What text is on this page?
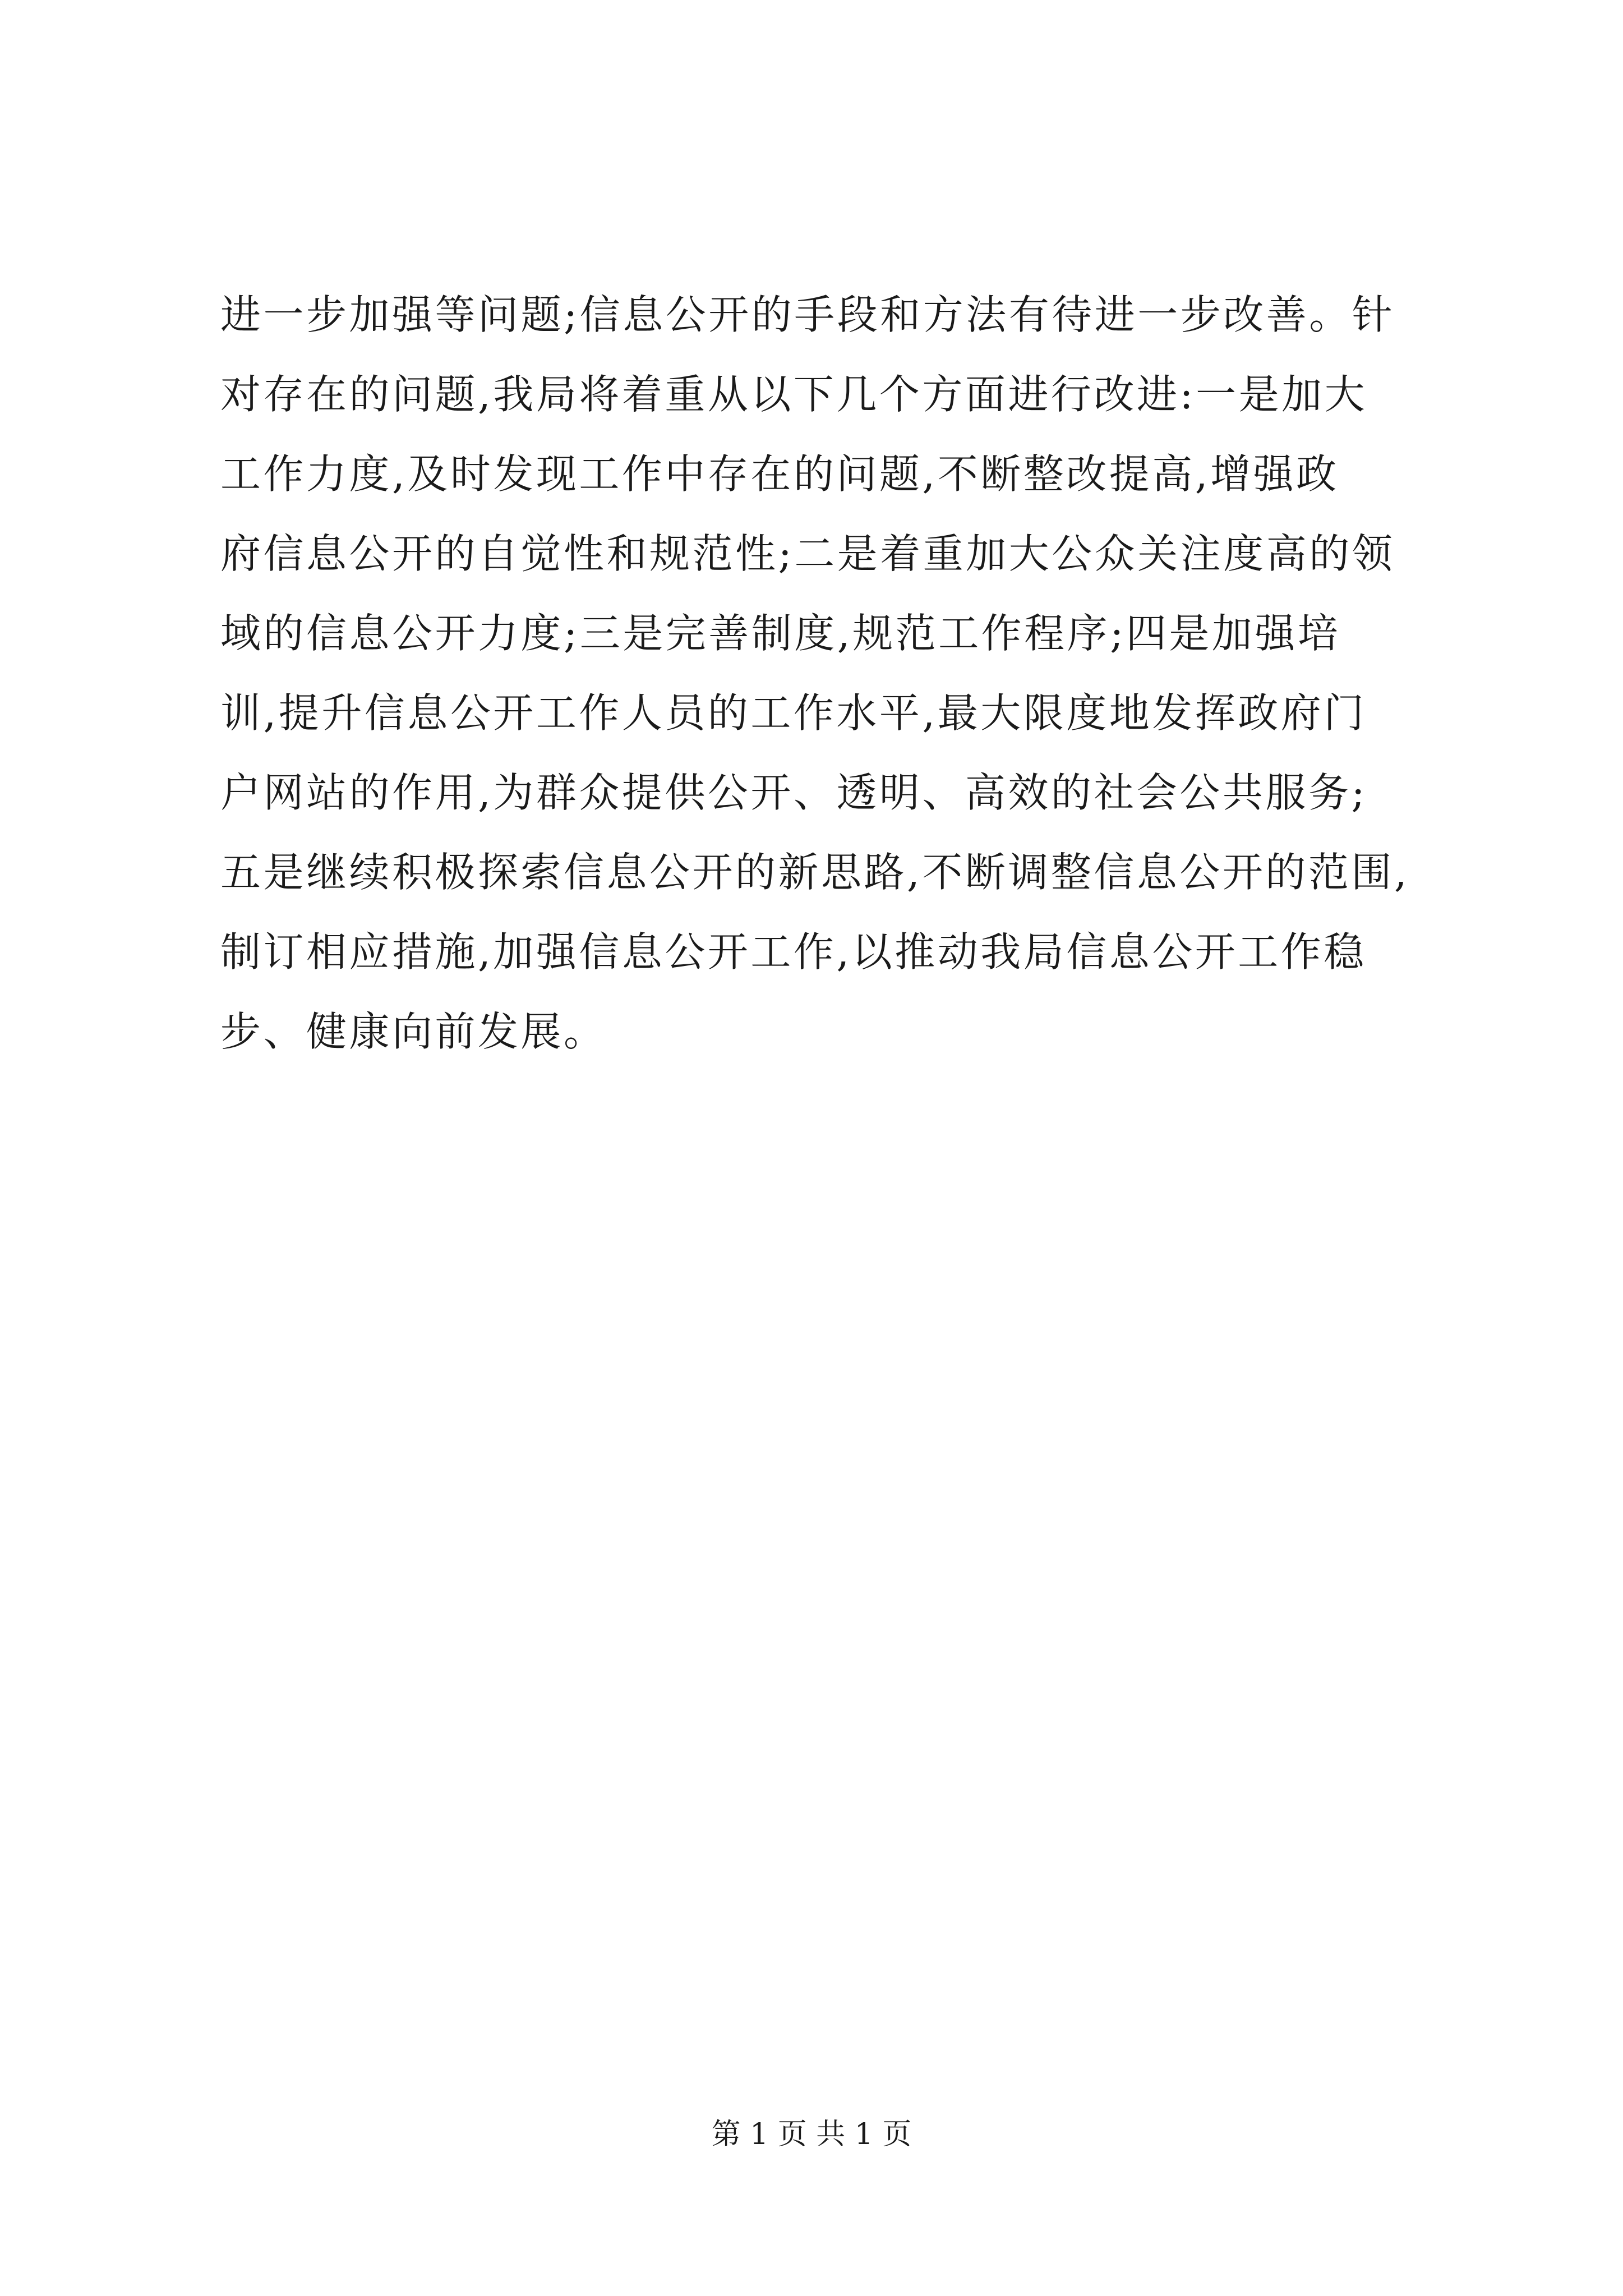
进一步加强等问题;信息公开的手段和方法有待进一步改善。针
对存在的问题,我局将着重从以下几个方面进行改进:一是加大
工作力度,及时发现工作中存在的问题,不断整改提高,增强政
府信息公开的自觉性和规范性;二是着重加大公众关注度高的领
域的信息公开力度;三是完善制度,规范工作程序;四是加强培
训,提升信息公开工作人员的工作水平,最大限度地发挥政府门
户网站的作用,为群众提供公开、透明、高效的社会公共服务;
五是继续积极探索信息公开的新思路,不断调整信息公开的范围,
制订相应措施,加强信息公开工作,以推动我局信息公开工作稳
步、健康向前发展。
第 1 页 共 1 页
